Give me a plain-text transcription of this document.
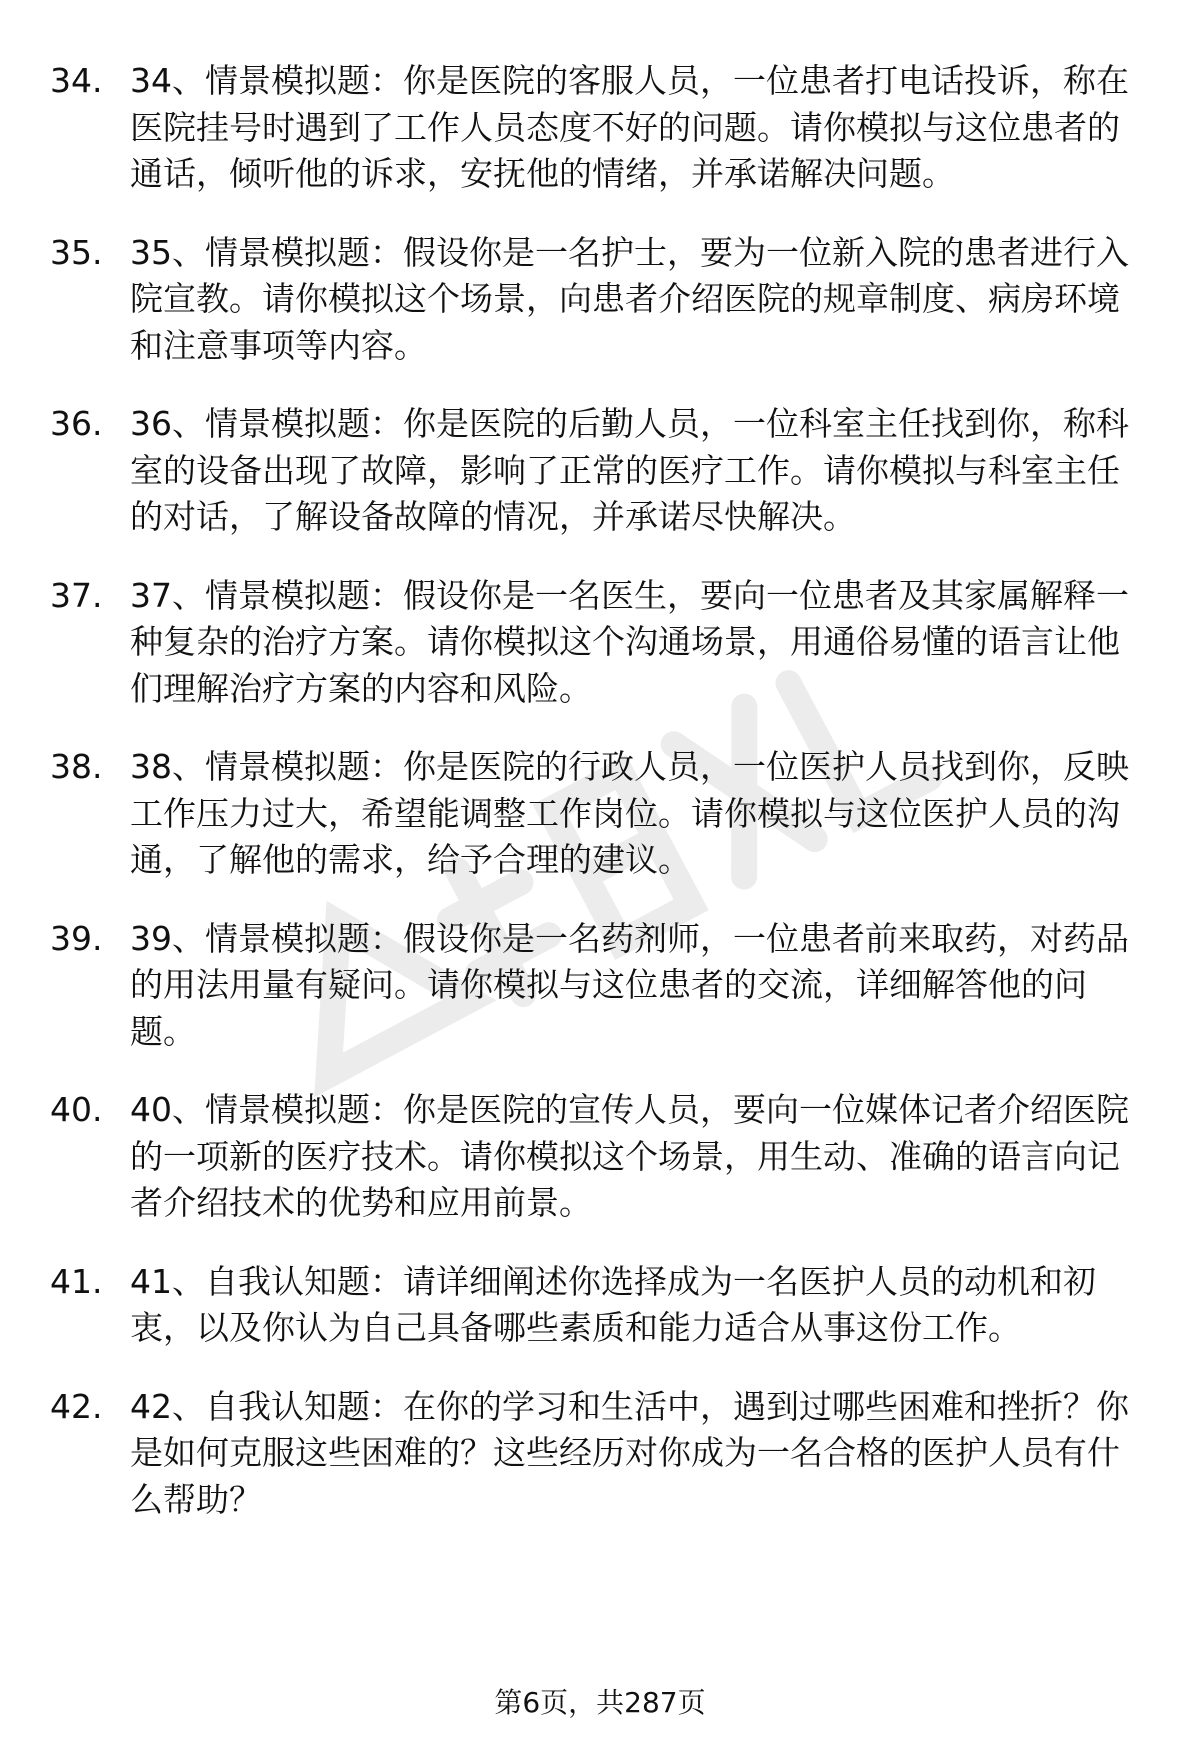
34. 34、情景模拟题：你是医院的客服人员，一位患者打电话投诉，称在医院挂号时遇到了工作人员态度不好的问题。请你模拟与这位患者的通话，倾听他的诉求，安抚他的情绪，并承诺解决问题。
35. 35、情景模拟题：假设你是一名护士，要为一位新入院的患者进行入院宣教。请你模拟这个场景，向患者介绍医院的规章制度、病房环境和注意事项等内容。
36. 36、情景模拟题：你是医院的后勤人员，一位科室主任找到你，称科室的设备出现了故障，影响了正常的医疗工作。请你模拟与科室主任的对话，了解设备故障的情况，并承诺尽快解决。
37. 37、情景模拟题：假设你是一名医生，要向一位患者及其家属解释一种复杂的治疗方案。请你模拟这个沟通场景，用通俗易懂的语言让他们理解治疗方案的内容和风险。
38. 38、情景模拟题：你是医院的行政人员，一位医护人员找到你，反映工作压力过大，希望能调整工作岗位。请你模拟与这位医护人员的沟通，了解他的需求，给予合理的建议。
39. 39、情景模拟题：假设你是一名药剂师，一位患者前来取药，对药品的用法用量有疑问。请你模拟与这位患者的交流，详细解答他的问题。
40. 40、情景模拟题：你是医院的宣传人员，要向一位媒体记者介绍医院的一项新的医疗技术。请你模拟这个场景，用生动、准确的语言向记者介绍技术的优势和应用前景。
41. 41、自我认知题：请详细阐述你选择成为一名医护人员的动机和初衷，以及你认为自己具备哪些素质和能力适合从事这份工作。
42. 42、自我认知题：在你的学习和生活中，遇到过哪些困难和挫折？你是如何克服这些困难的？这些经历对你成为一名合格的医护人员有什么帮助？
第6页，共287页
